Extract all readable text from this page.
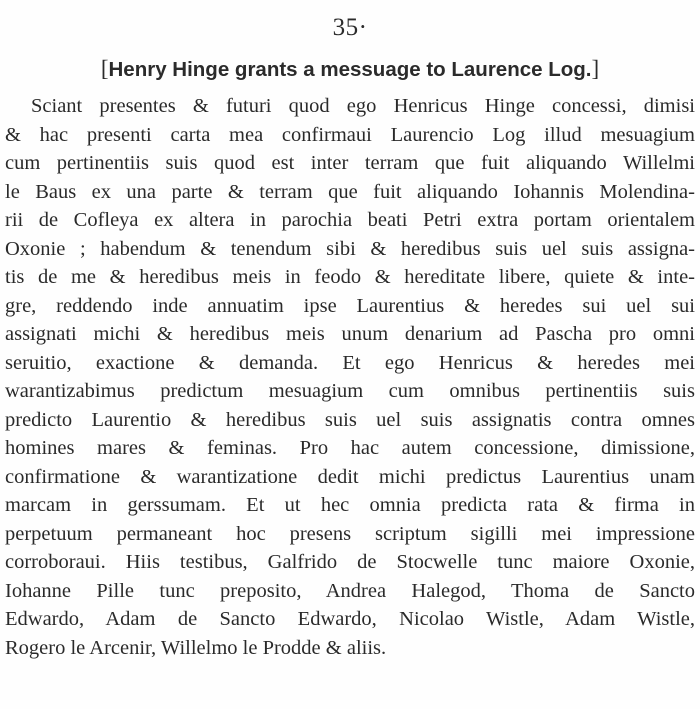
35·
[Henry Hinge grants a messuage to Laurence Log.]
Sciant presentes & futuri quod ego Henricus Hinge concessi, dimisi
& hac presenti carta mea confirmaui Laurencio Log illud mesuagium
cum pertinentiis suis quod est inter terram que fuit aliquando Willelmi
le Baus ex una parte & terram que fuit aliquando Iohannis Molendina-
rii de Cofleya ex altera in parochia beati Petri extra portam orientalem
Oxonie ; habendum & tenendum sibi & heredibus suis uel suis assigna-
tis de me & heredibus meis in feodo & hereditate libere, quiete & inte-
gre, reddendo inde annuatim ipse Laurentius & heredes sui uel sui
assignati michi & heredibus meis unum denarium ad Pascha pro omni
seruitio, exactione & demanda. Et ego Henricus & heredes mei
warantizabimus predictum mesuagium cum omnibus pertinentiis suis
predicto Laurentio & heredibus suis uel suis assignatis contra omnes
homines mares & feminas. Pro hac autem concessione, dimissione,
confirmatione & warantizatione dedit michi predictus Laurentius unam
marcam in gerssumam. Et ut hec omnia predicta rata & firma in
perpetuum permaneant hoc presens scriptum sigilli mei impressione
corroboraui. Hiis testibus, Galfrido de Stocwelle tunc maiore Oxonie,
Iohanne Pille tunc preposito, Andrea Halegod, Thoma de Sancto
Edwardo, Adam de Sancto Edwardo, Nicolao Wistle, Adam Wistle,
Rogero le Arcenir, Willelmo le Prodde & aliis.
